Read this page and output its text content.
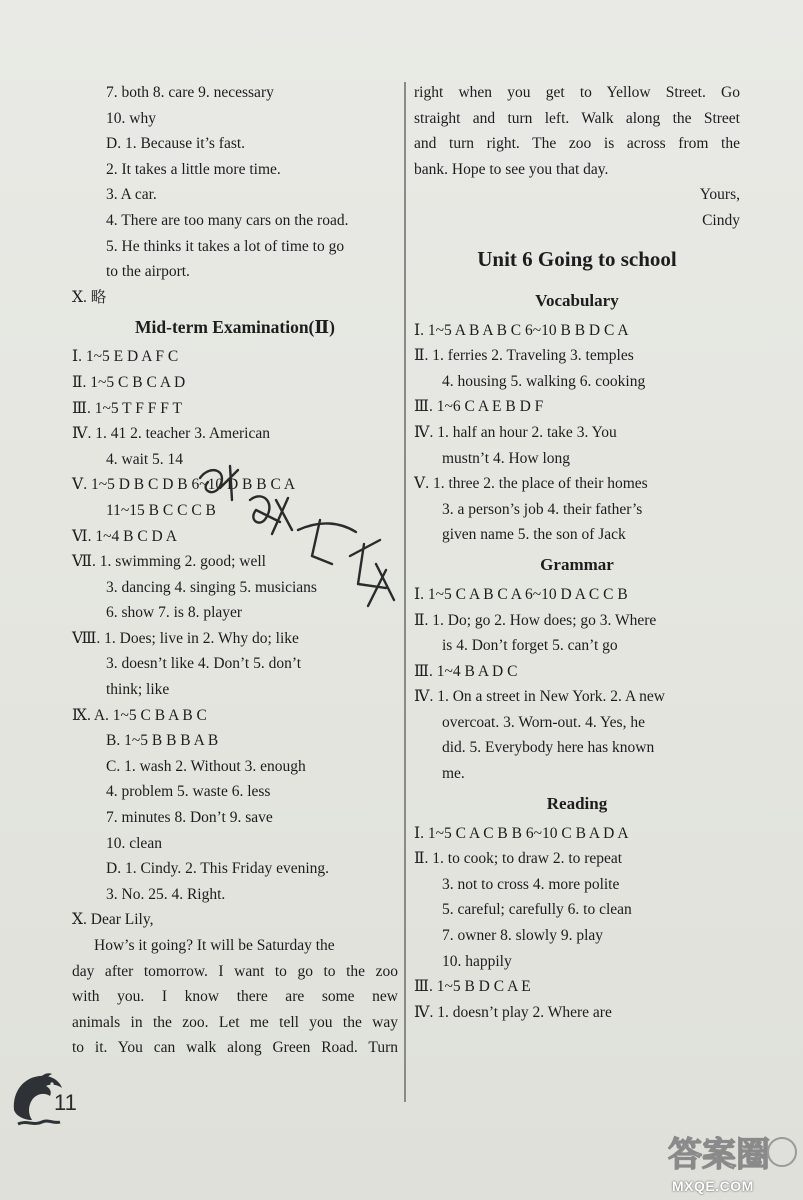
7. both 8. care 9. necessary
10. why
D. 1. Because it’s fast.
2. It takes a little more time.
3. A car.
4. There are too many cars on the road.
5. He thinks it takes a lot of time to go
to the airport.
Ⅹ. 略
Mid-term Examination(Ⅱ)
Ⅰ. 1~5 E D A F C
Ⅱ. 1~5 C B C A D
Ⅲ. 1~5 T F F F T
Ⅳ. 1. 41 2. teacher 3. American
4. wait 5. 14
Ⅴ. 1~5 D B C D B 6~10 D B B C A
11~15 B C C C B
Ⅵ. 1~4 B C D A
Ⅶ. 1. swimming 2. good; well
3. dancing 4. singing 5. musicians
6. show 7. is 8. player
Ⅷ. 1. Does; live in 2. Why do; like
3. doesn’t like 4. Don’t 5. don’t
think; like
Ⅸ. A. 1~5 C B A B C
B. 1~5 B B B A B
C. 1. wash 2. Without 3. enough
4. problem 5. waste 6. less
7. minutes 8. Don’t 9. save
10. clean
D. 1. Cindy. 2. This Friday evening.
3. No. 25. 4. Right.
Ⅹ. Dear Lily,
How’s it going? It will be Saturday the
day after tomorrow. I want to go to the zoo
with you. I know there are some new
animals in the zoo. Let me tell you the way
to it. You can walk along Green Road. Turn
right when you get to Yellow Street. Go
straight and turn left. Walk along the Street
and turn right. The zoo is across from the
bank. Hope to see you that day.
Yours,
Cindy
Unit 6 Going to school
Vocabulary
Ⅰ. 1~5 A B A B C 6~10 B B D C A
Ⅱ. 1. ferries 2. Traveling 3. temples
4. housing 5. walking 6. cooking
Ⅲ. 1~6 C A E B D F
Ⅳ. 1. half an hour 2. take 3. You
mustn’t 4. How long
Ⅴ. 1. three 2. the place of their homes
3. a person’s job 4. their father’s
given name 5. the son of Jack
Grammar
Ⅰ. 1~5 C A B C A 6~10 D A C C B
Ⅱ. 1. Do; go 2. How does; go 3. Where
is 4. Don’t forget 5. can’t go
Ⅲ. 1~4 B A D C
Ⅳ. 1. On a street in New York. 2. A new
overcoat. 3. Worn-out. 4. Yes, he
did. 5. Everybody here has known
me.
Reading
Ⅰ. 1~5 C A C B B 6~10 C B A D A
Ⅱ. 1. to cook; to draw 2. to repeat
3. not to cross 4. more polite
5. careful; carefully 6. to clean
7. owner 8. slowly 9. play
10. happily
Ⅲ. 1~5 B D C A E
Ⅳ. 1. doesn’t play 2. Where are
11
答案圈
MXQE.COM
